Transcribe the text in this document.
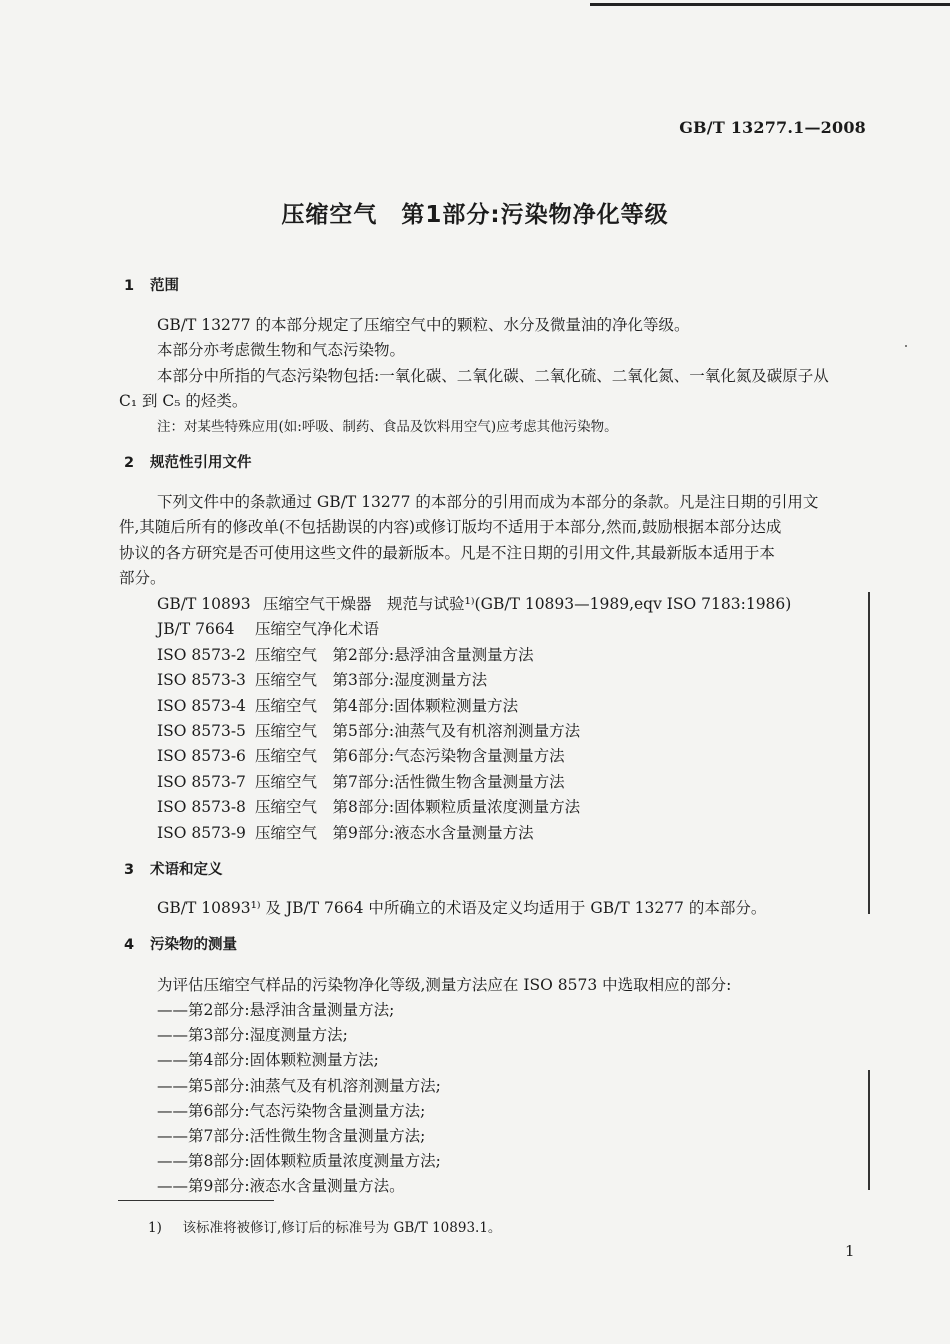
GB/T 13277.1—2008
压缩空气　第1部分:污染物净化等级
1 范围
GB/T 13277 的本部分规定了压缩空气中的颗粒、水分及微量油的净化等级。
本部分亦考虑微生物和气态污染物。
本部分中所指的气态污染物包括:一氧化碳、二氧化碳、二氧化硫、二氧化氮、一氧化氮及碳原子从
C₁ 到 C₅ 的烃类。
注：对某些特殊应用(如:呼吸、制药、食品及饮料用空气)应考虑其他污染物。
2 规范性引用文件
下列文件中的条款通过 GB/T 13277 的本部分的引用而成为本部分的条款。凡是注日期的引用文
件,其随后所有的修改单(不包括勘误的内容)或修订版均不适用于本部分,然而,鼓励根据本部分达成
协议的各方研究是否可使用这些文件的最新版本。凡是不注日期的引用文件,其最新版本适用于本
部分。
GB/T 10893 压缩空气干燥器　规范与试验¹⁾(GB/T 10893—1989,eqv ISO 7183:1986)
JB/T 7664 压缩空气净化术语
ISO 8573-2 压缩空气　第2部分:悬浮油含量测量方法
ISO 8573-3 压缩空气　第3部分:湿度测量方法
ISO 8573-4 压缩空气　第4部分:固体颗粒测量方法
ISO 8573-5 压缩空气　第5部分:油蒸气及有机溶剂测量方法
ISO 8573-6 压缩空气　第6部分:气态污染物含量测量方法
ISO 8573-7 压缩空气　第7部分:活性微生物含量测量方法
ISO 8573-8 压缩空气　第8部分:固体颗粒质量浓度测量方法
ISO 8573-9 压缩空气　第9部分:液态水含量测量方法
3 术语和定义
GB/T 10893¹⁾ 及 JB/T 7664 中所确立的术语及定义均适用于 GB/T 13277 的本部分。
4 污染物的测量
为评估压缩空气样品的污染物净化等级,测量方法应在 ISO 8573 中选取相应的部分:
——第2部分:悬浮油含量测量方法;
——第3部分:湿度测量方法;
——第4部分:固体颗粒测量方法;
——第5部分:油蒸气及有机溶剂测量方法;
——第6部分:气态污染物含量测量方法;
——第7部分:活性微生物含量测量方法;
——第8部分:固体颗粒质量浓度测量方法;
——第9部分:液态水含量测量方法。
1) 该标准将被修订,修订后的标准号为 GB/T 10893.1。
1
